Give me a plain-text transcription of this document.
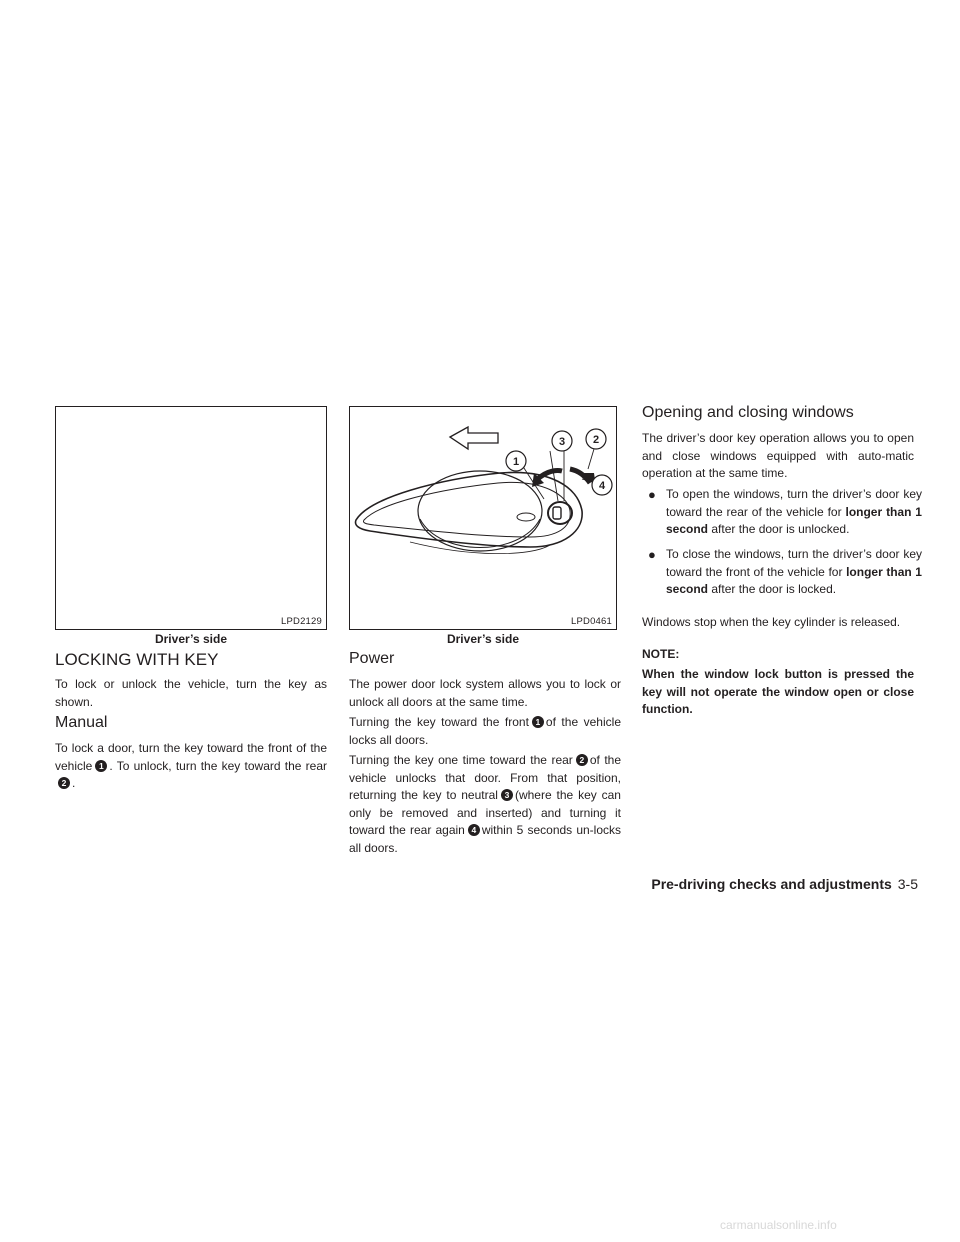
LPD2129
Driver’s side
1
3	2
4
LPD0461
Driver’s side
LOCKING WITH KEY

To lock or unlock the vehicle, turn the key as shown.

Manual

To lock a door, turn the key toward the front of the vehicle 1 . To unlock, turn the key toward the rear 2 .

Power

The power door lock system allows you to lock or unlock all doors at the same time.

Turning the key toward the front 1 of the vehicle locks all doors.

Turning the key one time toward the rear 2 of the vehicle unlocks that door. From that position, returning the key to neutral 3 (where the key can only be removed and inserted) and turning it toward the rear again 4 within 5 seconds un-locks all doors.

Opening and closing windows

The driver’s door key operation allows you to open and close windows equipped with auto-matic operation at the same time.

● To open the windows, turn the driver’s door key toward the rear of the vehicle for longer than 1 second after the door is unlocked.
● To close the windows, turn the driver’s door key toward the front of the vehicle for longer than 1 second after the door is locked.

Windows stop when the key cylinder is released.

NOTE:

When the window lock button is pressed the key will not operate the window open or close function.

Pre-driving checks and adjustments 3-5
carmanualsonline.info
